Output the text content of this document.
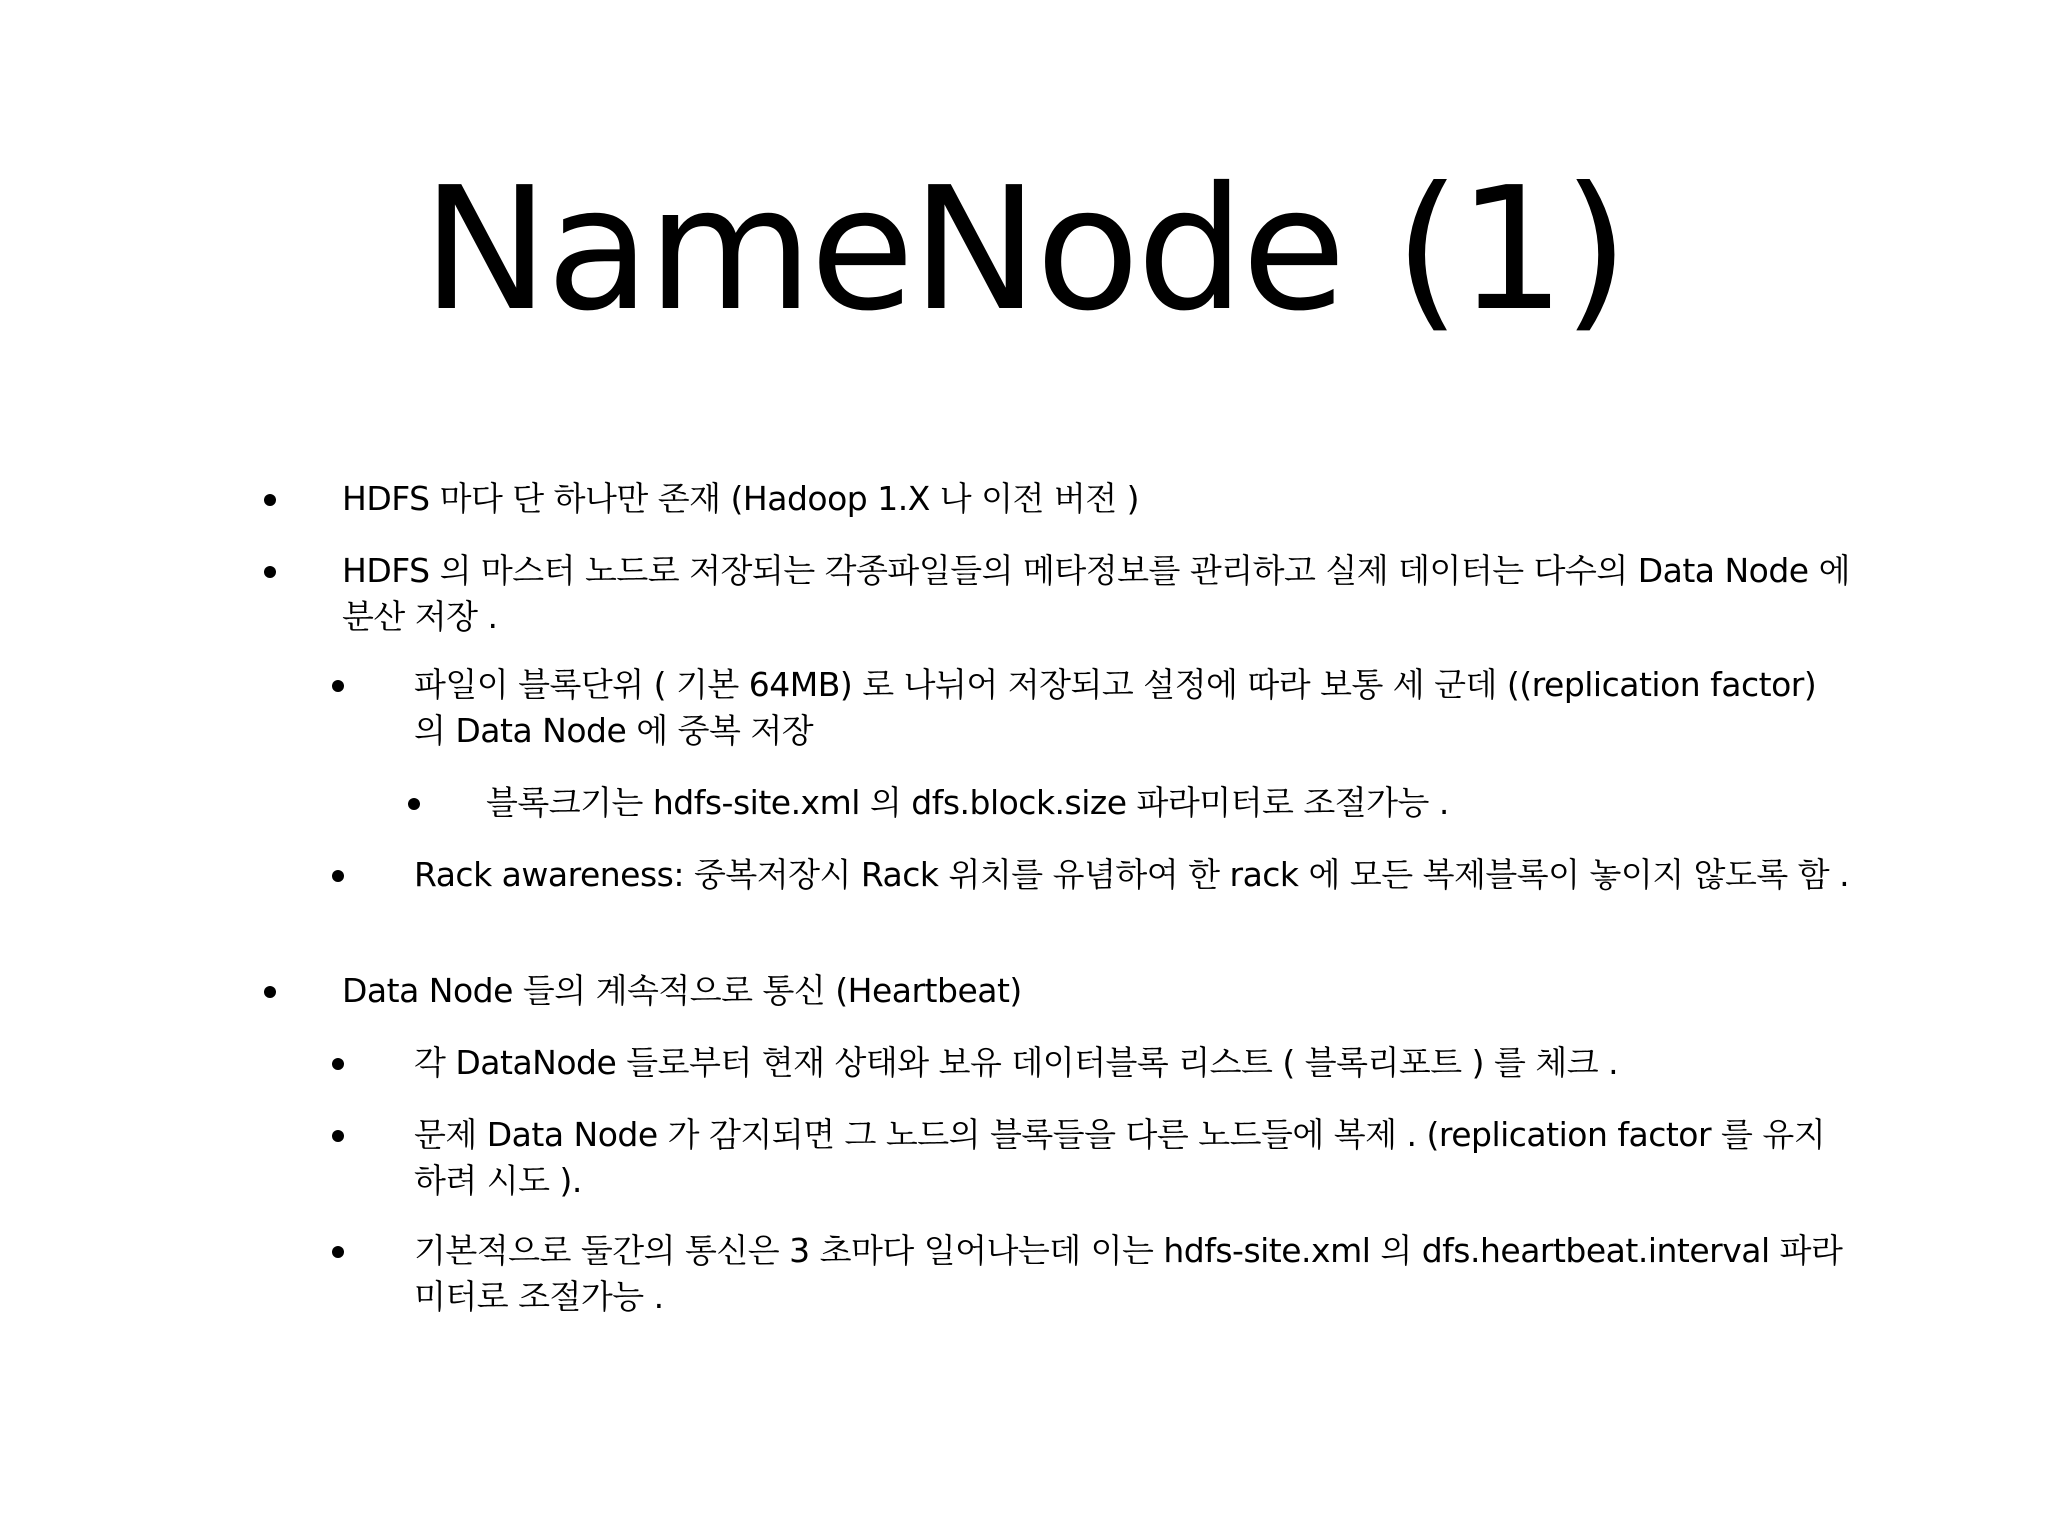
NameNode (1)
HDFS 마다 단 하나만 존재 (Hadoop 1.X 나 이전 버전 )
HDFS 의 마스터 노드로 저장되는 각종파일들의 메타정보를 관리하고 실제 데이터는 다수의 Data Node 에 분산 저장 .
파일이 블록단위 ( 기본 64MB) 로 나뉘어 저장되고 설정에 따라 보통 세 군데 ((replication factor) 의 Data Node 에 중복 저장
블록크기는 hdfs-site.xml 의 dfs.block.size 파라미터로 조절가능 .
Rack awareness: 중복저장시 Rack 위치를 유념하여 한 rack 에 모든 복제블록이 놓이지 않도록 함 .
Data Node 들의 계속적으로 통신 (Heartbeat)
각 DataNode 들로부터 현재 상태와 보유 데이터블록 리스트 ( 블록리포트 ) 를 체크 .
문제 Data Node 가 감지되면 그 노드의 블록들을 다른 노드들에 복제 . (replication factor 를 유지하려 시도 ).
기본적으로 둘간의 통신은 3 초마다 일어나는데 이는 hdfs-site.xml 의 dfs.heartbeat.interval 파라미터로 조절가능 .
